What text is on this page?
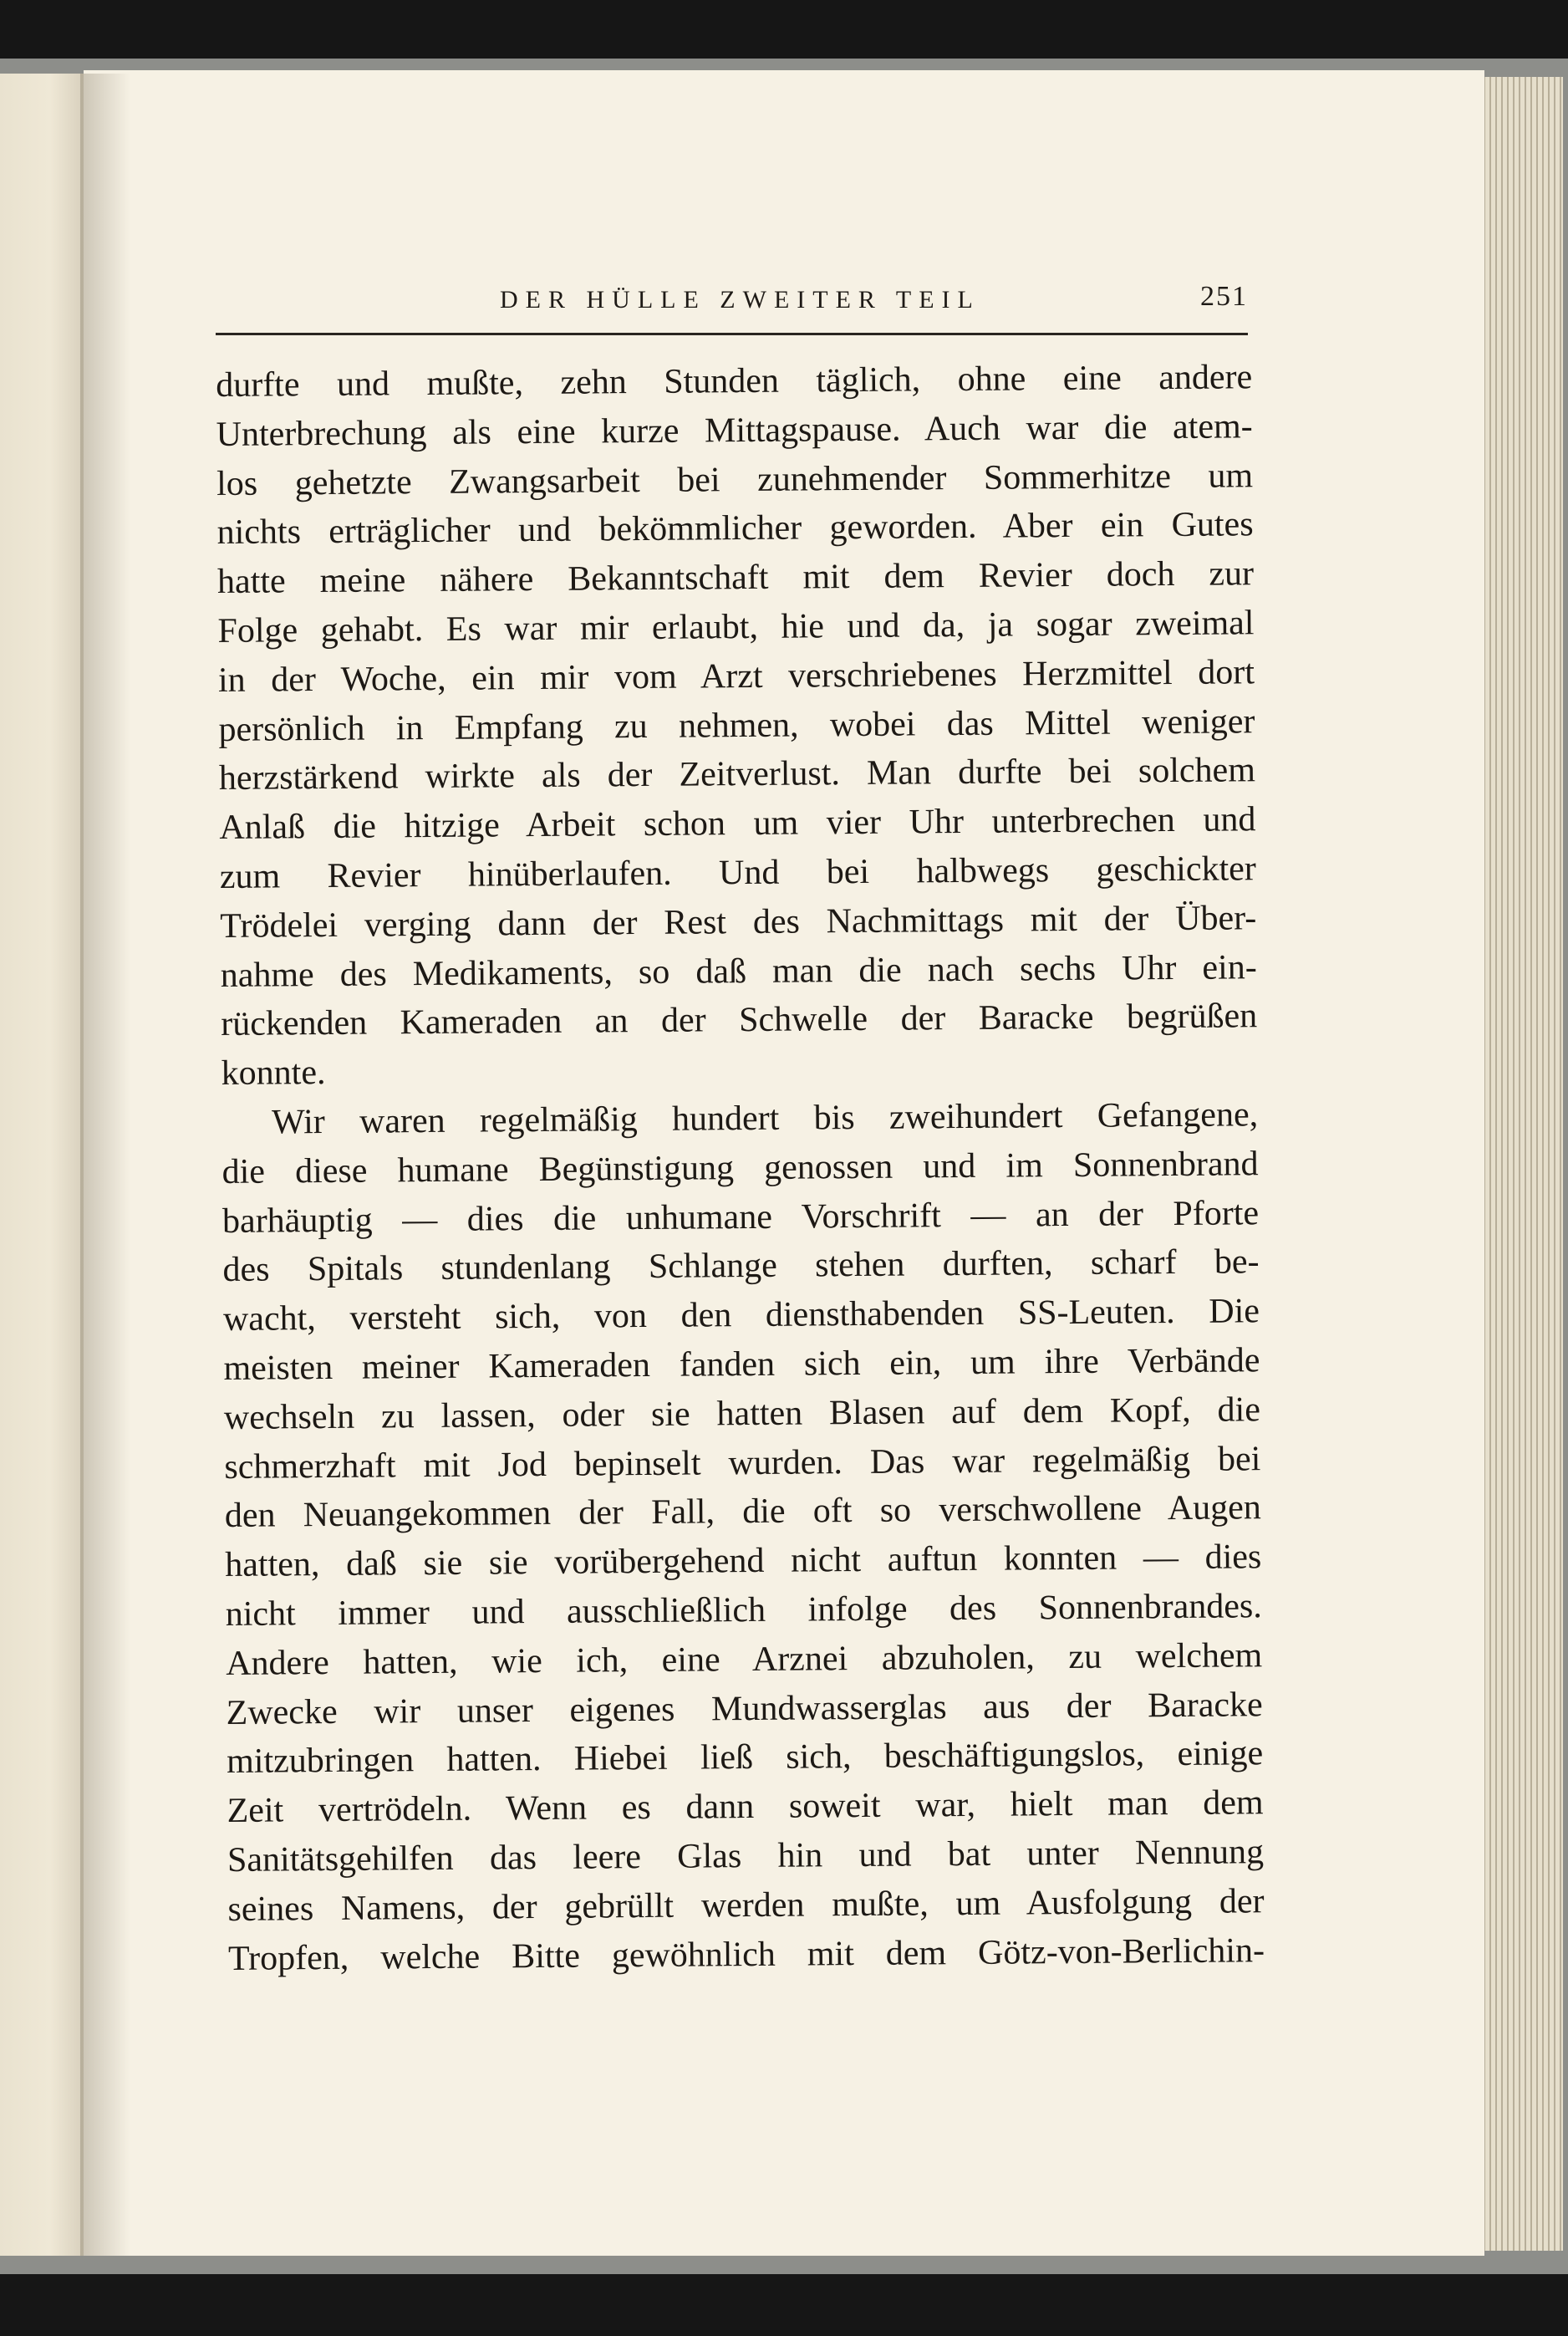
DER HÜLLE ZWEITER TEIL	251
durfte und mußte, zehn Stunden täglich, ohne eine andere
Unterbrechung als eine kurze Mittagspause. Auch war die atem-
los gehetzte Zwangsarbeit bei zunehmender Sommerhitze um
nichts erträglicher und bekömmlicher geworden. Aber ein Gutes
hatte meine nähere Bekanntschaft mit dem Revier doch zur
Folge gehabt. Es war mir erlaubt, hie und da, ja sogar zweimal
in der Woche, ein mir vom Arzt verschriebenes Herzmittel dort
persönlich in Empfang zu nehmen, wobei das Mittel weniger
herzstärkend wirkte als der Zeitverlust. Man durfte bei solchem
Anlaß die hitzige Arbeit schon um vier Uhr unterbrechen und
zum Revier hinüberlaufen. Und bei halbwegs geschickter
Trödelei verging dann der Rest des Nachmittags mit der Über-
nahme des Medikaments, so daß man die nach sechs Uhr ein-
rückenden Kameraden an der Schwelle der Baracke begrüßen
konnte.
Wir waren regelmäßig hundert bis zweihundert Gefangene,
die diese humane Begünstigung genossen und im Sonnenbrand
barhäuptig — dies die unhumane Vorschrift — an der Pforte
des Spitals stundenlang Schlange stehen durften, scharf be-
wacht, versteht sich, von den diensthabenden SS-Leuten. Die
meisten meiner Kameraden fanden sich ein, um ihre Verbände
wechseln zu lassen, oder sie hatten Blasen auf dem Kopf, die
schmerzhaft mit Jod bepinselt wurden. Das war regelmäßig bei
den Neuangekommen der Fall, die oft so verschwollene Augen
hatten, daß sie sie vorübergehend nicht auftun konnten — dies
nicht immer und ausschließlich infolge des Sonnenbrandes.
Andere hatten, wie ich, eine Arznei abzuholen, zu welchem
Zwecke wir unser eigenes Mundwasserglas aus der Baracke
mitzubringen hatten. Hiebei ließ sich, beschäftigungslos, einige
Zeit vertrödeln. Wenn es dann soweit war, hielt man dem
Sanitätsgehilfen das leere Glas hin und bat unter Nennung
seines Namens, der gebrüllt werden mußte, um Ausfolgung der
Tropfen, welche Bitte gewöhnlich mit dem Götz-von-Berlichin-
